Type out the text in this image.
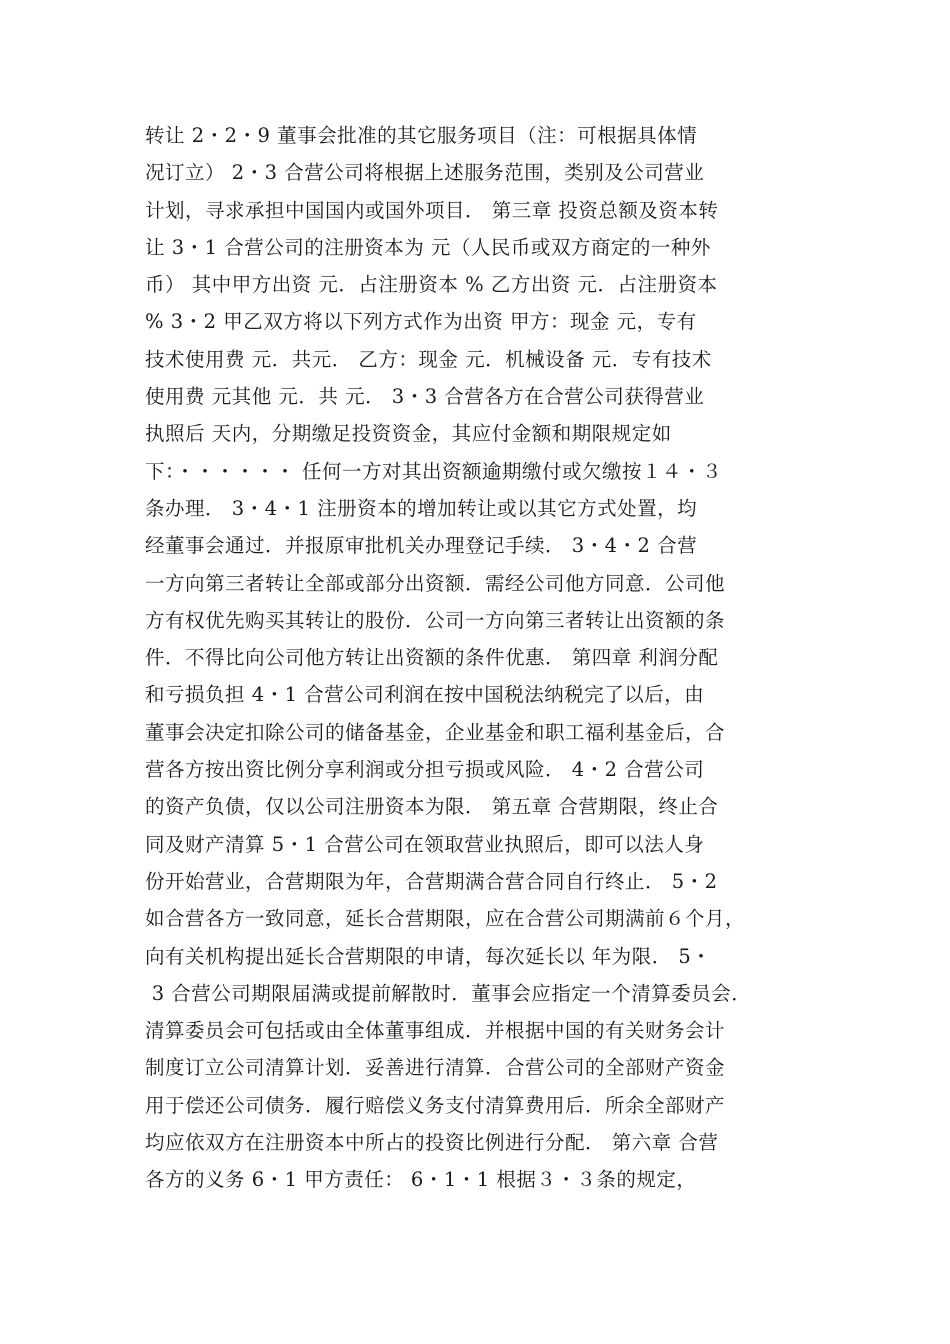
转让 2・2・9 董事会批准的其它服务项目（注：可根据具体情
况订立） 2・3 合营公司将根据上述服务范围，类别及公司营业
计划，寻求承担中国国内或国外项目． 第三章 投资总额及资本转
让 3・1 合营公司的注册资本为 元（人民币或双方商定的一种外
币） 其中甲方出资 元．占注册资本 % 乙方出资 元．占注册资本
% 3・2 甲乙双方将以下列方式作为出资 甲方：现金 元，专有
技术使用费 元．共元． 乙方：现金 元．机械设备 元．专有技术
使用费 元其他 元．共 元． 3・3 合营各方在合营公司获得营业
执照后 天内，分期缴足投资资金，其应付金额和期限规定如
下：・・・・・・ 任何一方对其出资额逾期缴付或欠缴按１４・３
条办理． 3・4・1 注册资本的增加转让或以其它方式处置，均
经董事会通过．并报原审批机关办理登记手续． 3・4・2 合营
一方向第三者转让全部或部分出资额．需经公司他方同意．公司他
方有权优先购买其转让的股份．公司一方向第三者转让出资额的条
件．不得比向公司他方转让出资额的条件优惠． 第四章 利润分配
和亏损负担 4・1 合营公司利润在按中国税法纳税完了以后，由
董事会决定扣除公司的储备基金，企业基金和职工福利基金后，合
营各方按出资比例分享利润或分担亏损或风险． 4・2 合营公司
的资产负债，仅以公司注册资本为限． 第五章 合营期限，终止合
同及财产清算 5・1 合营公司在领取营业执照后，即可以法人身
份开始营业，合营期限为年，合营期满合营合同自行终止． 5・2
如合营各方一致同意，延长合营期限，应在合营公司期满前６个月，
向有关机构提出延长合营期限的申请，每次延长以 年为限． 5・
3 合营公司期限届满或提前解散时．董事会应指定一个清算委员会．
清算委员会可包括或由全体董事组成．并根据中国的有关财务会计
制度订立公司清算计划．妥善进行清算．合营公司的全部财产资金
用于偿还公司债务．履行赔偿义务支付清算费用后．所余全部财产
均应依双方在注册资本中所占的投资比例进行分配． 第六章 合营
各方的义务 6・1 甲方责任： 6・1・1 根据３・３条的规定，
